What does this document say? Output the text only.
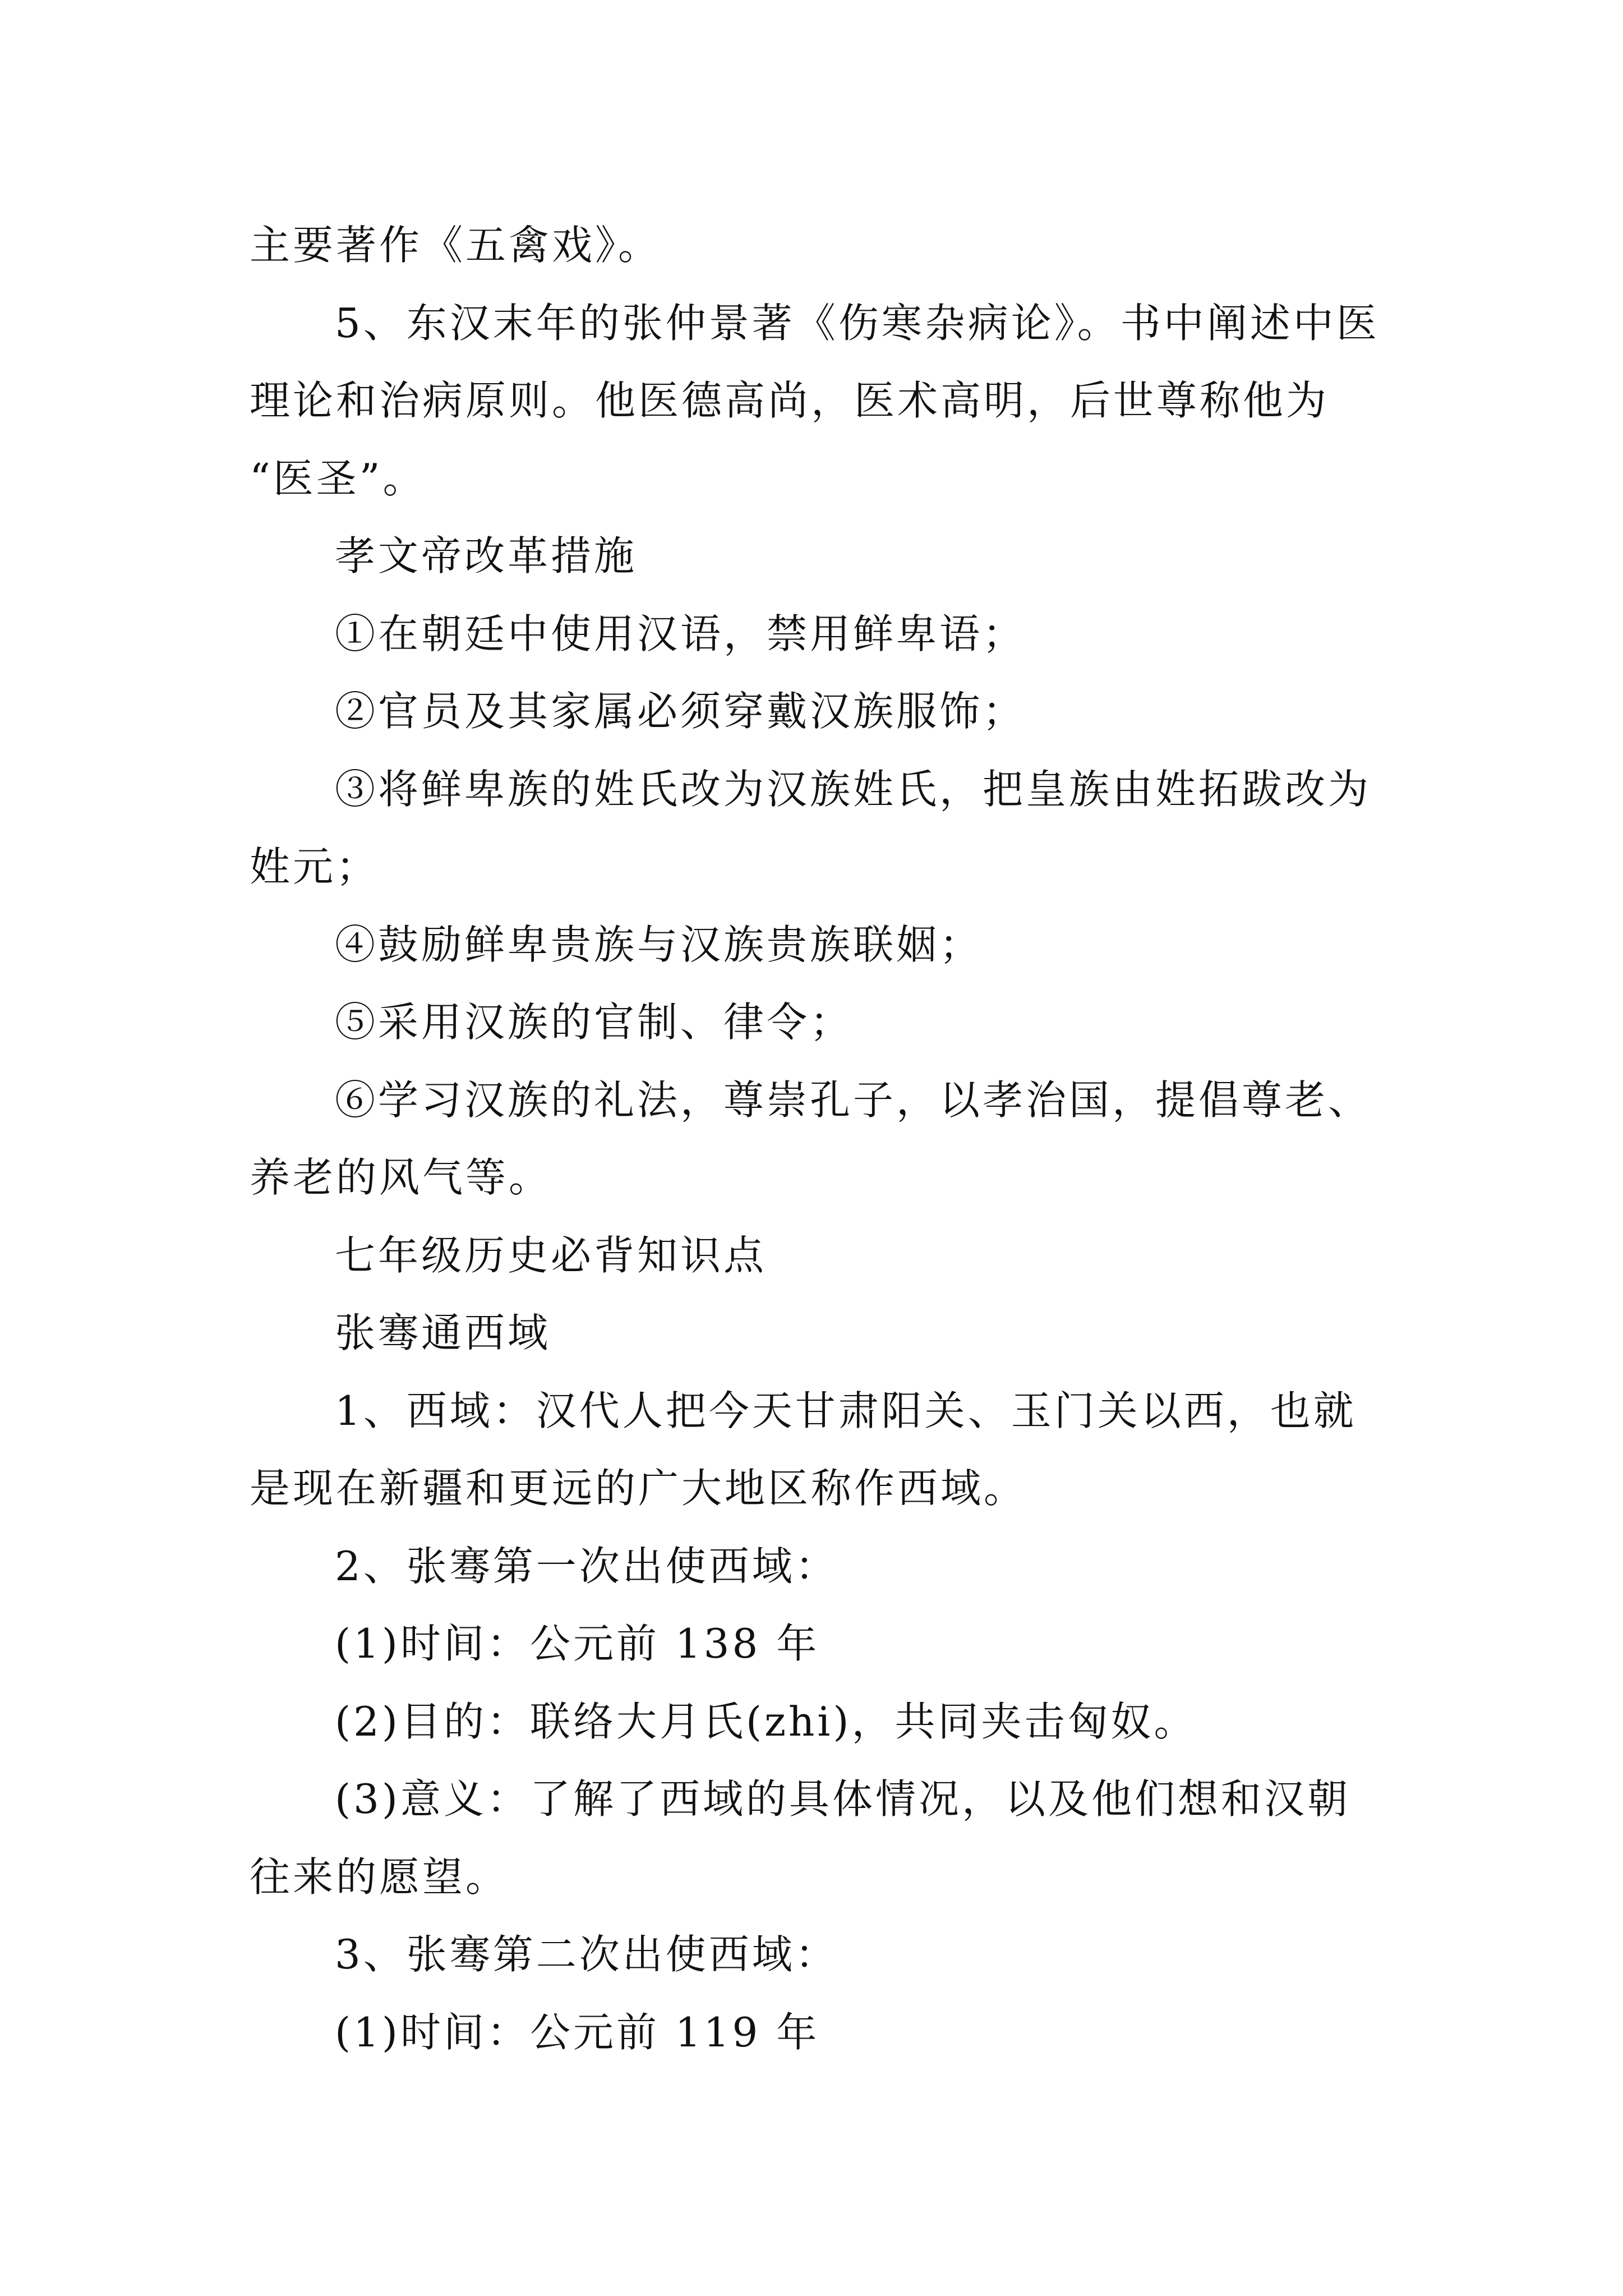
主要著作《五禽戏》。
5、东汉末年的张仲景著《伤寒杂病论》。书中阐述中医
理论和治病原则。他医德高尚，医术高明，后世尊称他为
“医圣”。
孝文帝改革措施
①在朝廷中使用汉语，禁用鲜卑语；
②官员及其家属必须穿戴汉族服饰；
③将鲜卑族的姓氏改为汉族姓氏，把皇族由姓拓跋改为
姓元；
④鼓励鲜卑贵族与汉族贵族联姻；
⑤采用汉族的官制、律令；
⑥学习汉族的礼法，尊崇孔子，以孝治国，提倡尊老、
养老的风气等。
七年级历史必背知识点
张骞通西域
1、西域：汉代人把今天甘肃阳关、玉门关以西，也就
是现在新疆和更远的广大地区称作西域。
2、张骞第一次出使西域：
(1)时间：公元前 138 年
(2)目的：联络大月氏(zhi)，共同夹击匈奴。
(3)意义：了解了西域的具体情况，以及他们想和汉朝
往来的愿望。
3、张骞第二次出使西域：
(1)时间：公元前 119 年
